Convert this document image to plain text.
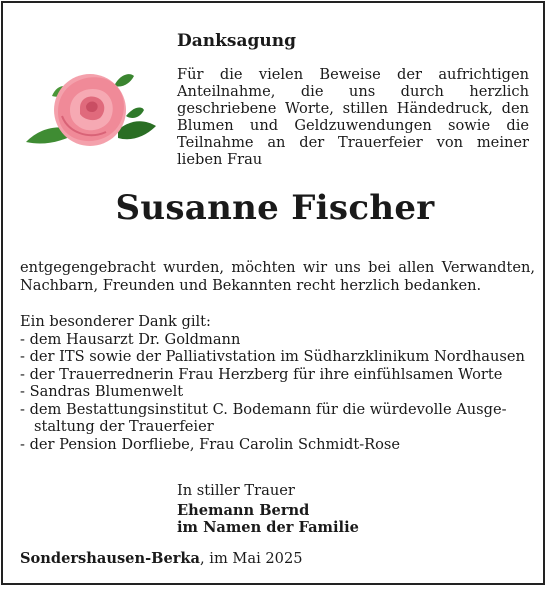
Danksagung
Für die vielen Beweise der aufrichtigen
Anteilnahme, die uns durch herzlich
geschriebene Worte, stillen Händedruck, den
Blumen und Geldzuwendungen sowie die
Teilnahme an der Trauerfeier von meiner
lieben Frau
Susanne Fischer
entgegengebracht wurden, möchten wir uns bei allen Verwandten,
Nachbarn, Freunden und Bekannten recht herzlich bedanken.
Ein besonderer Dank gilt:
- dem Hausarzt Dr. Goldmann
- der ITS sowie der Palliativstation im Südharzklinikum Nordhausen
- der Trauerrednerin Frau Herzberg für ihre einfühlsamen Worte
- Sandras Blumenwelt
- dem Bestattungsinstitut C. Bodemann für die würdevolle Ausge-
staltung der Trauerfeier
- der Pension Dorfliebe, Frau Carolin Schmidt-Rose
In stiller Trauer
Ehemann Bernd
im Namen der Familie
Sondershausen-Berka, im Mai 2025
